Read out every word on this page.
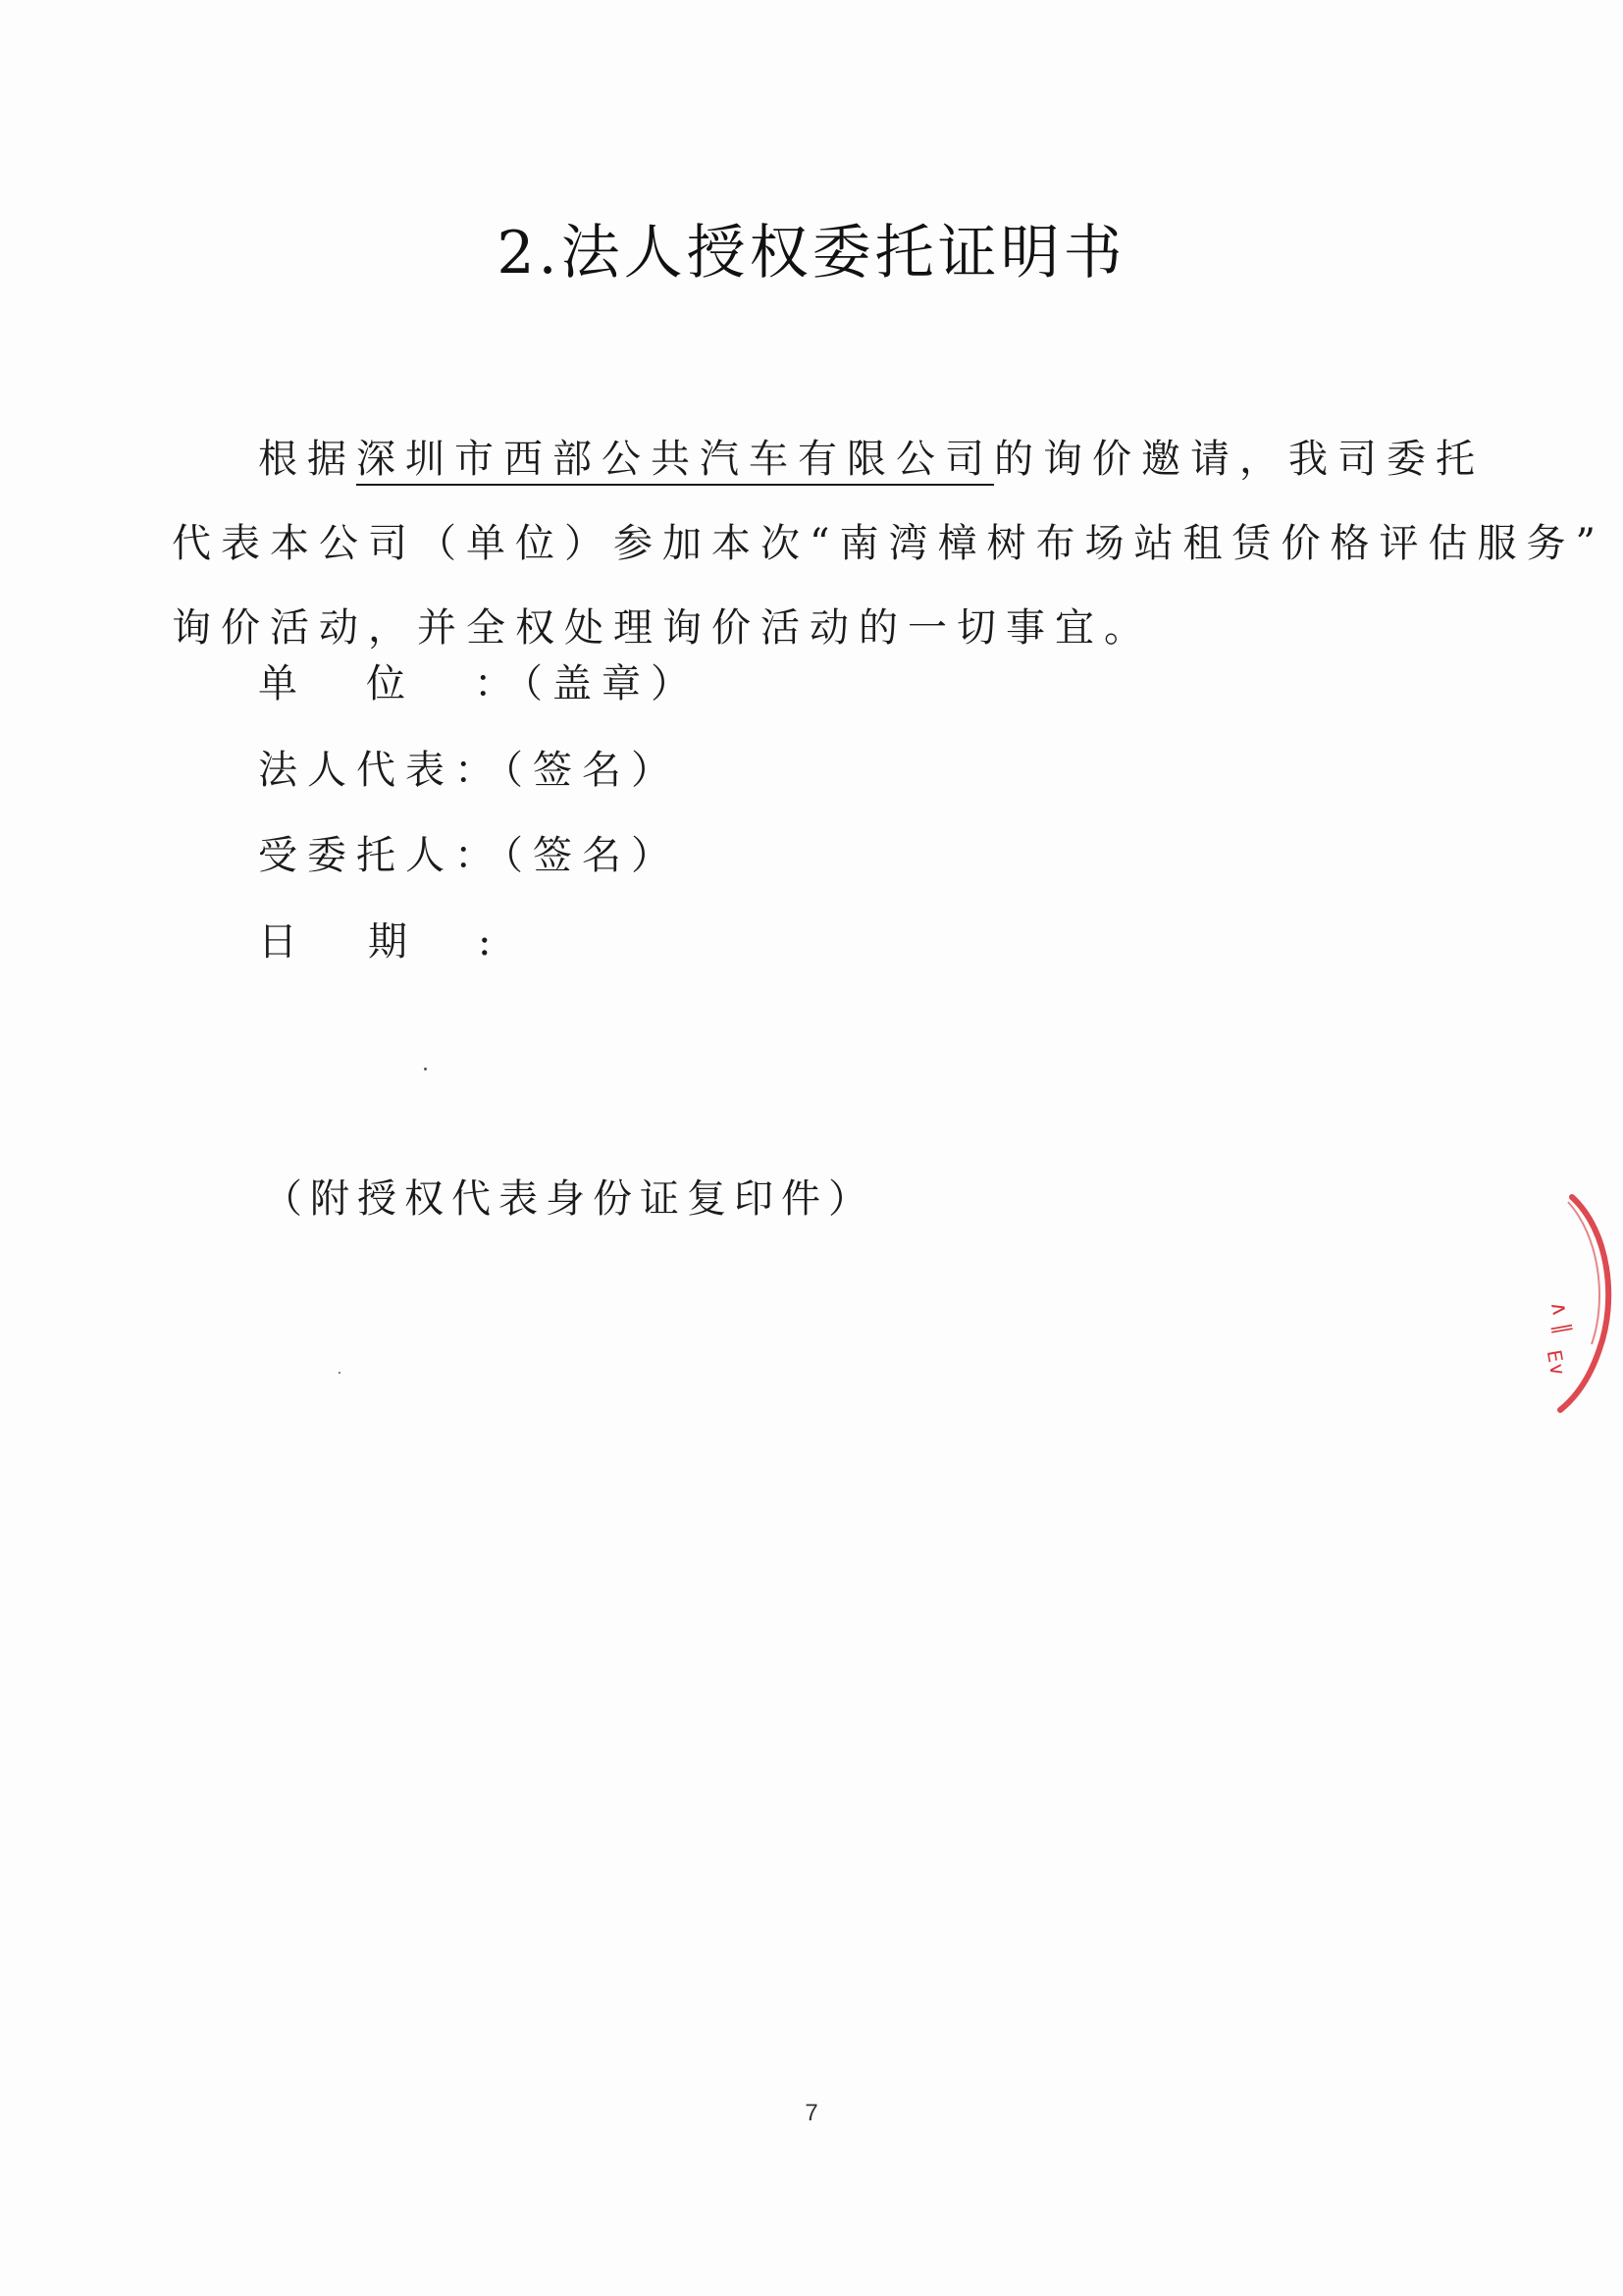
2.法人授权委托证明书
根据深圳市西部公共汽车有限公司的询价邀请，我司委托
代表本公司（单位）参加本次“南湾樟树布场站租赁价格评估服务”
询价活动，并全权处理询价活动的一切事宜。
单位：（盖章）
法人代表：（签名）
受委托人：（签名）
日期:
（附授权代表身份证复印件）
∧ ∥
E∨
7
